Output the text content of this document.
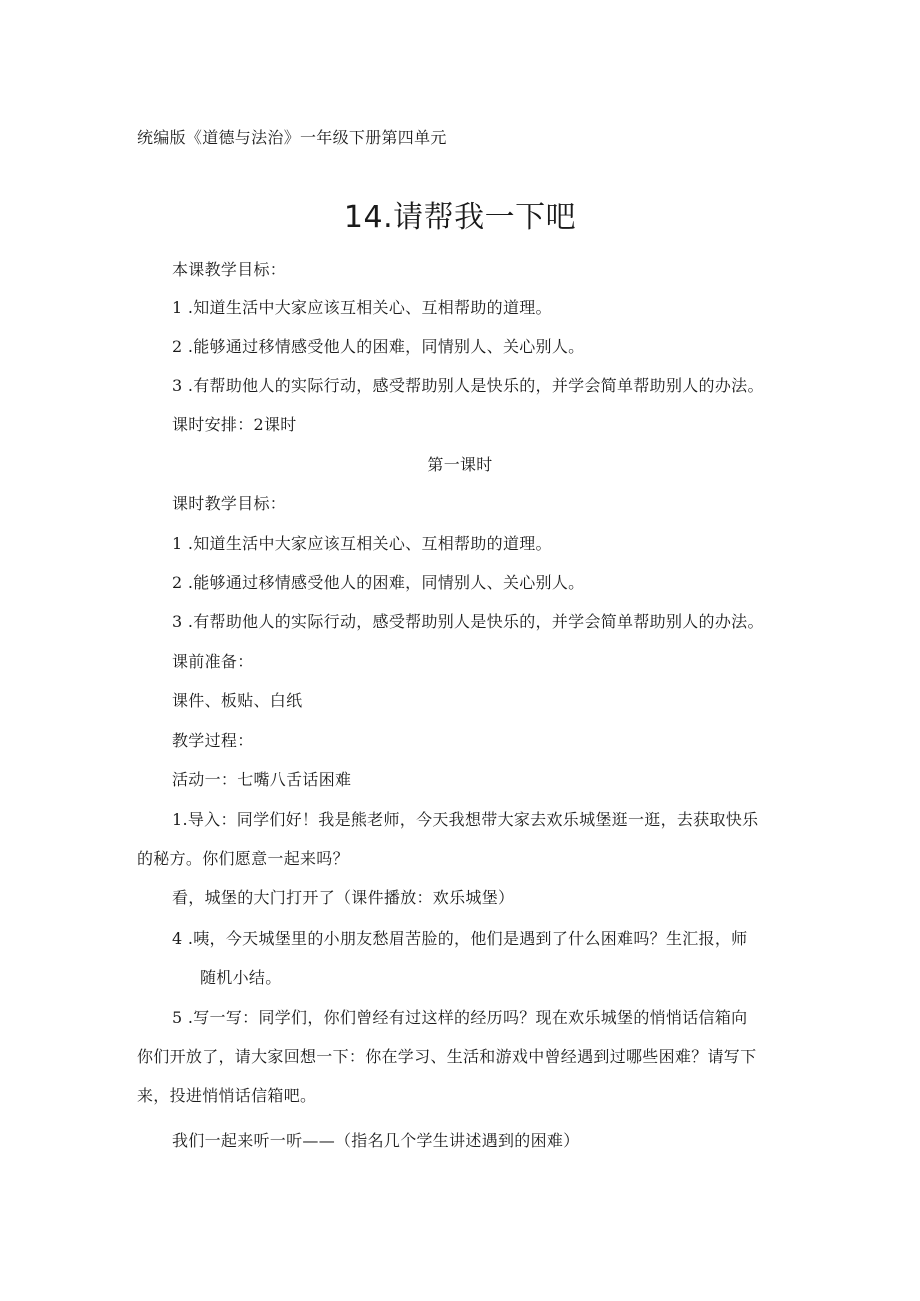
统编版《道德与法治》一年级下册第四单元
14.请帮我一下吧
本课教学目标：
1 .知道生活中大家应该互相关心、互相帮助的道理。
2 .能够通过移情感受他人的困难，同情别人、关心别人。
3 .有帮助他人的实际行动，感受帮助别人是快乐的，并学会简单帮助别人的办法。
课时安排：2课时
第一课时
课时教学目标：
1 .知道生活中大家应该互相关心、互相帮助的道理。
2 .能够通过移情感受他人的困难，同情别人、关心别人。
3 .有帮助他人的实际行动，感受帮助别人是快乐的，并学会简单帮助别人的办法。
课前准备：
课件、板贴、白纸
教学过程：
活动一：七嘴八舌话困难
1.导入：同学们好！我是熊老师，今天我想带大家去欢乐城堡逛一逛，去获取快乐
的秘方。你们愿意一起来吗？
看，城堡的大门打开了（课件播放：欢乐城堡）
4 .咦，今天城堡里的小朋友愁眉苦脸的，他们是遇到了什么困难吗？生汇报，师
随机小结。
5 .写一写：同学们，你们曾经有过这样的经历吗？现在欢乐城堡的悄悄话信箱向
你们开放了，请大家回想一下：你在学习、生活和游戏中曾经遇到过哪些困难？请写下
来，投进悄悄话信箱吧。
我们一起来听一听——（指名几个学生讲述遇到的困难）
